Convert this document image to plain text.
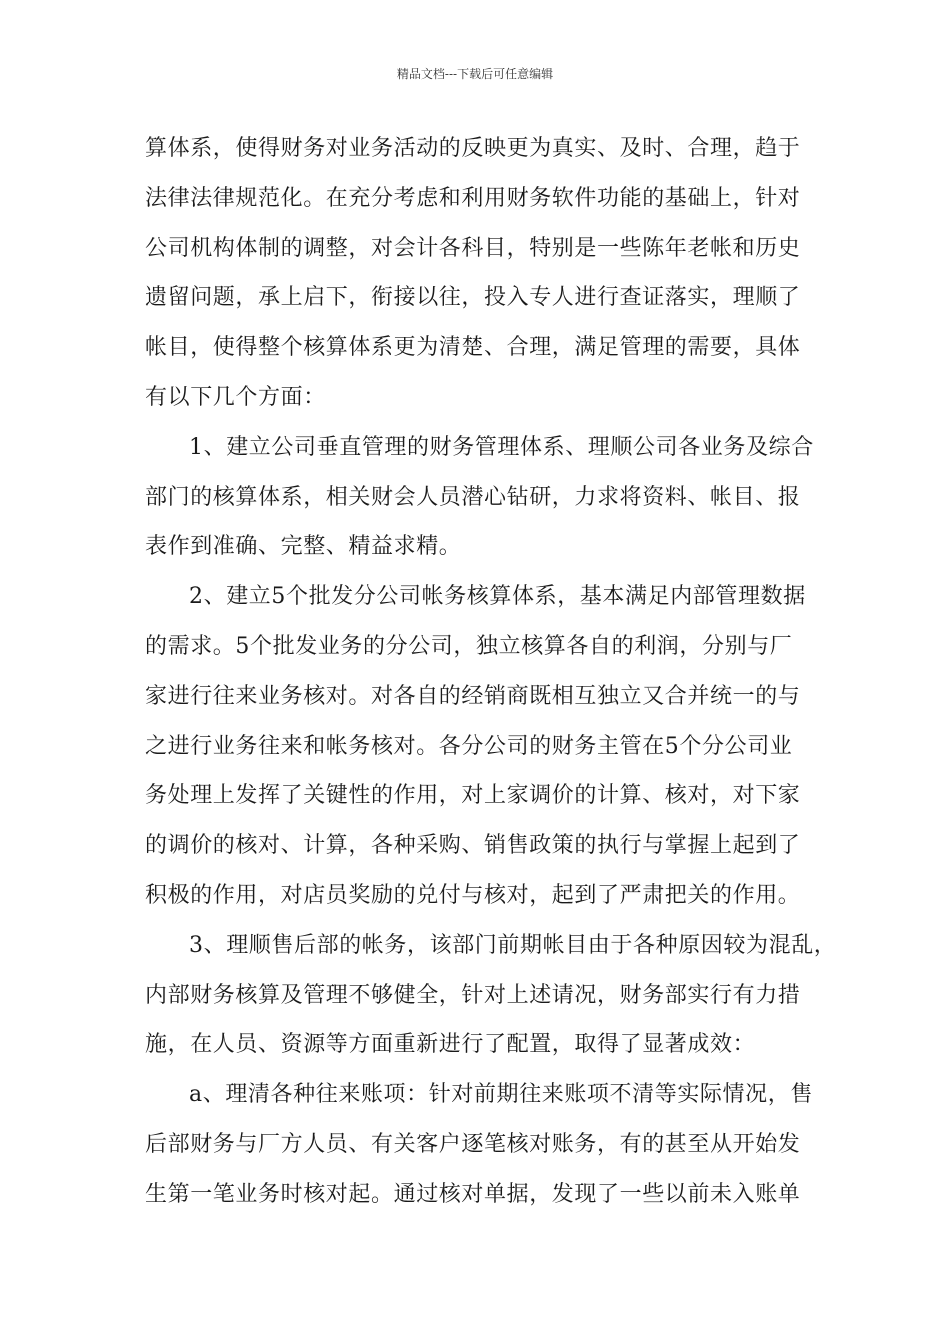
精品文档---下载后可任意编辑

算体系，使得财务对业务活动的反映更为真实、及时、合理，趋于
法律法律规范化。在充分考虑和利用财务软件功能的基础上，针对
公司机构体制的调整，对会计各科目，特别是一些陈年老帐和历史
遗留问题，承上启下，衔接以往，投入专人进行查证落实，理顺了
帐目，使得整个核算体系更为清楚、合理，满足管理的需要，具体
有以下几个方面：

1、建立公司垂直管理的财务管理体系、理顺公司各业务及综合
部门的核算体系，相关财会人员潜心钻研，力求将资料、帐目、报
表作到准确、完整、精益求精。

2、建立5个批发分公司帐务核算体系，基本满足内部管理数据
的需求。5个批发业务的分公司，独立核算各自的利润，分别与厂
家进行往来业务核对。对各自的经销商既相互独立又合并统一的与
之进行业务往来和帐务核对。各分公司的财务主管在5个分公司业
务处理上发挥了关键性的作用，对上家调价的计算、核对，对下家
的调价的核对、计算，各种采购、销售政策的执行与掌握上起到了
积极的作用，对店员奖励的兑付与核对，起到了严肃把关的作用。

3、理顺售后部的帐务，该部门前期帐目由于各种原因较为混乱，
内部财务核算及管理不够健全，针对上述请况，财务部实行有力措
施，在人员、资源等方面重新进行了配置，取得了显著成效：

a、理清各种往来账项：针对前期往来账项不清等实际情况，售
后部财务与厂方人员、有关客户逐笔核对账务，有的甚至从开始发
生第一笔业务时核对起。通过核对单据，发现了一些以前未入账单
